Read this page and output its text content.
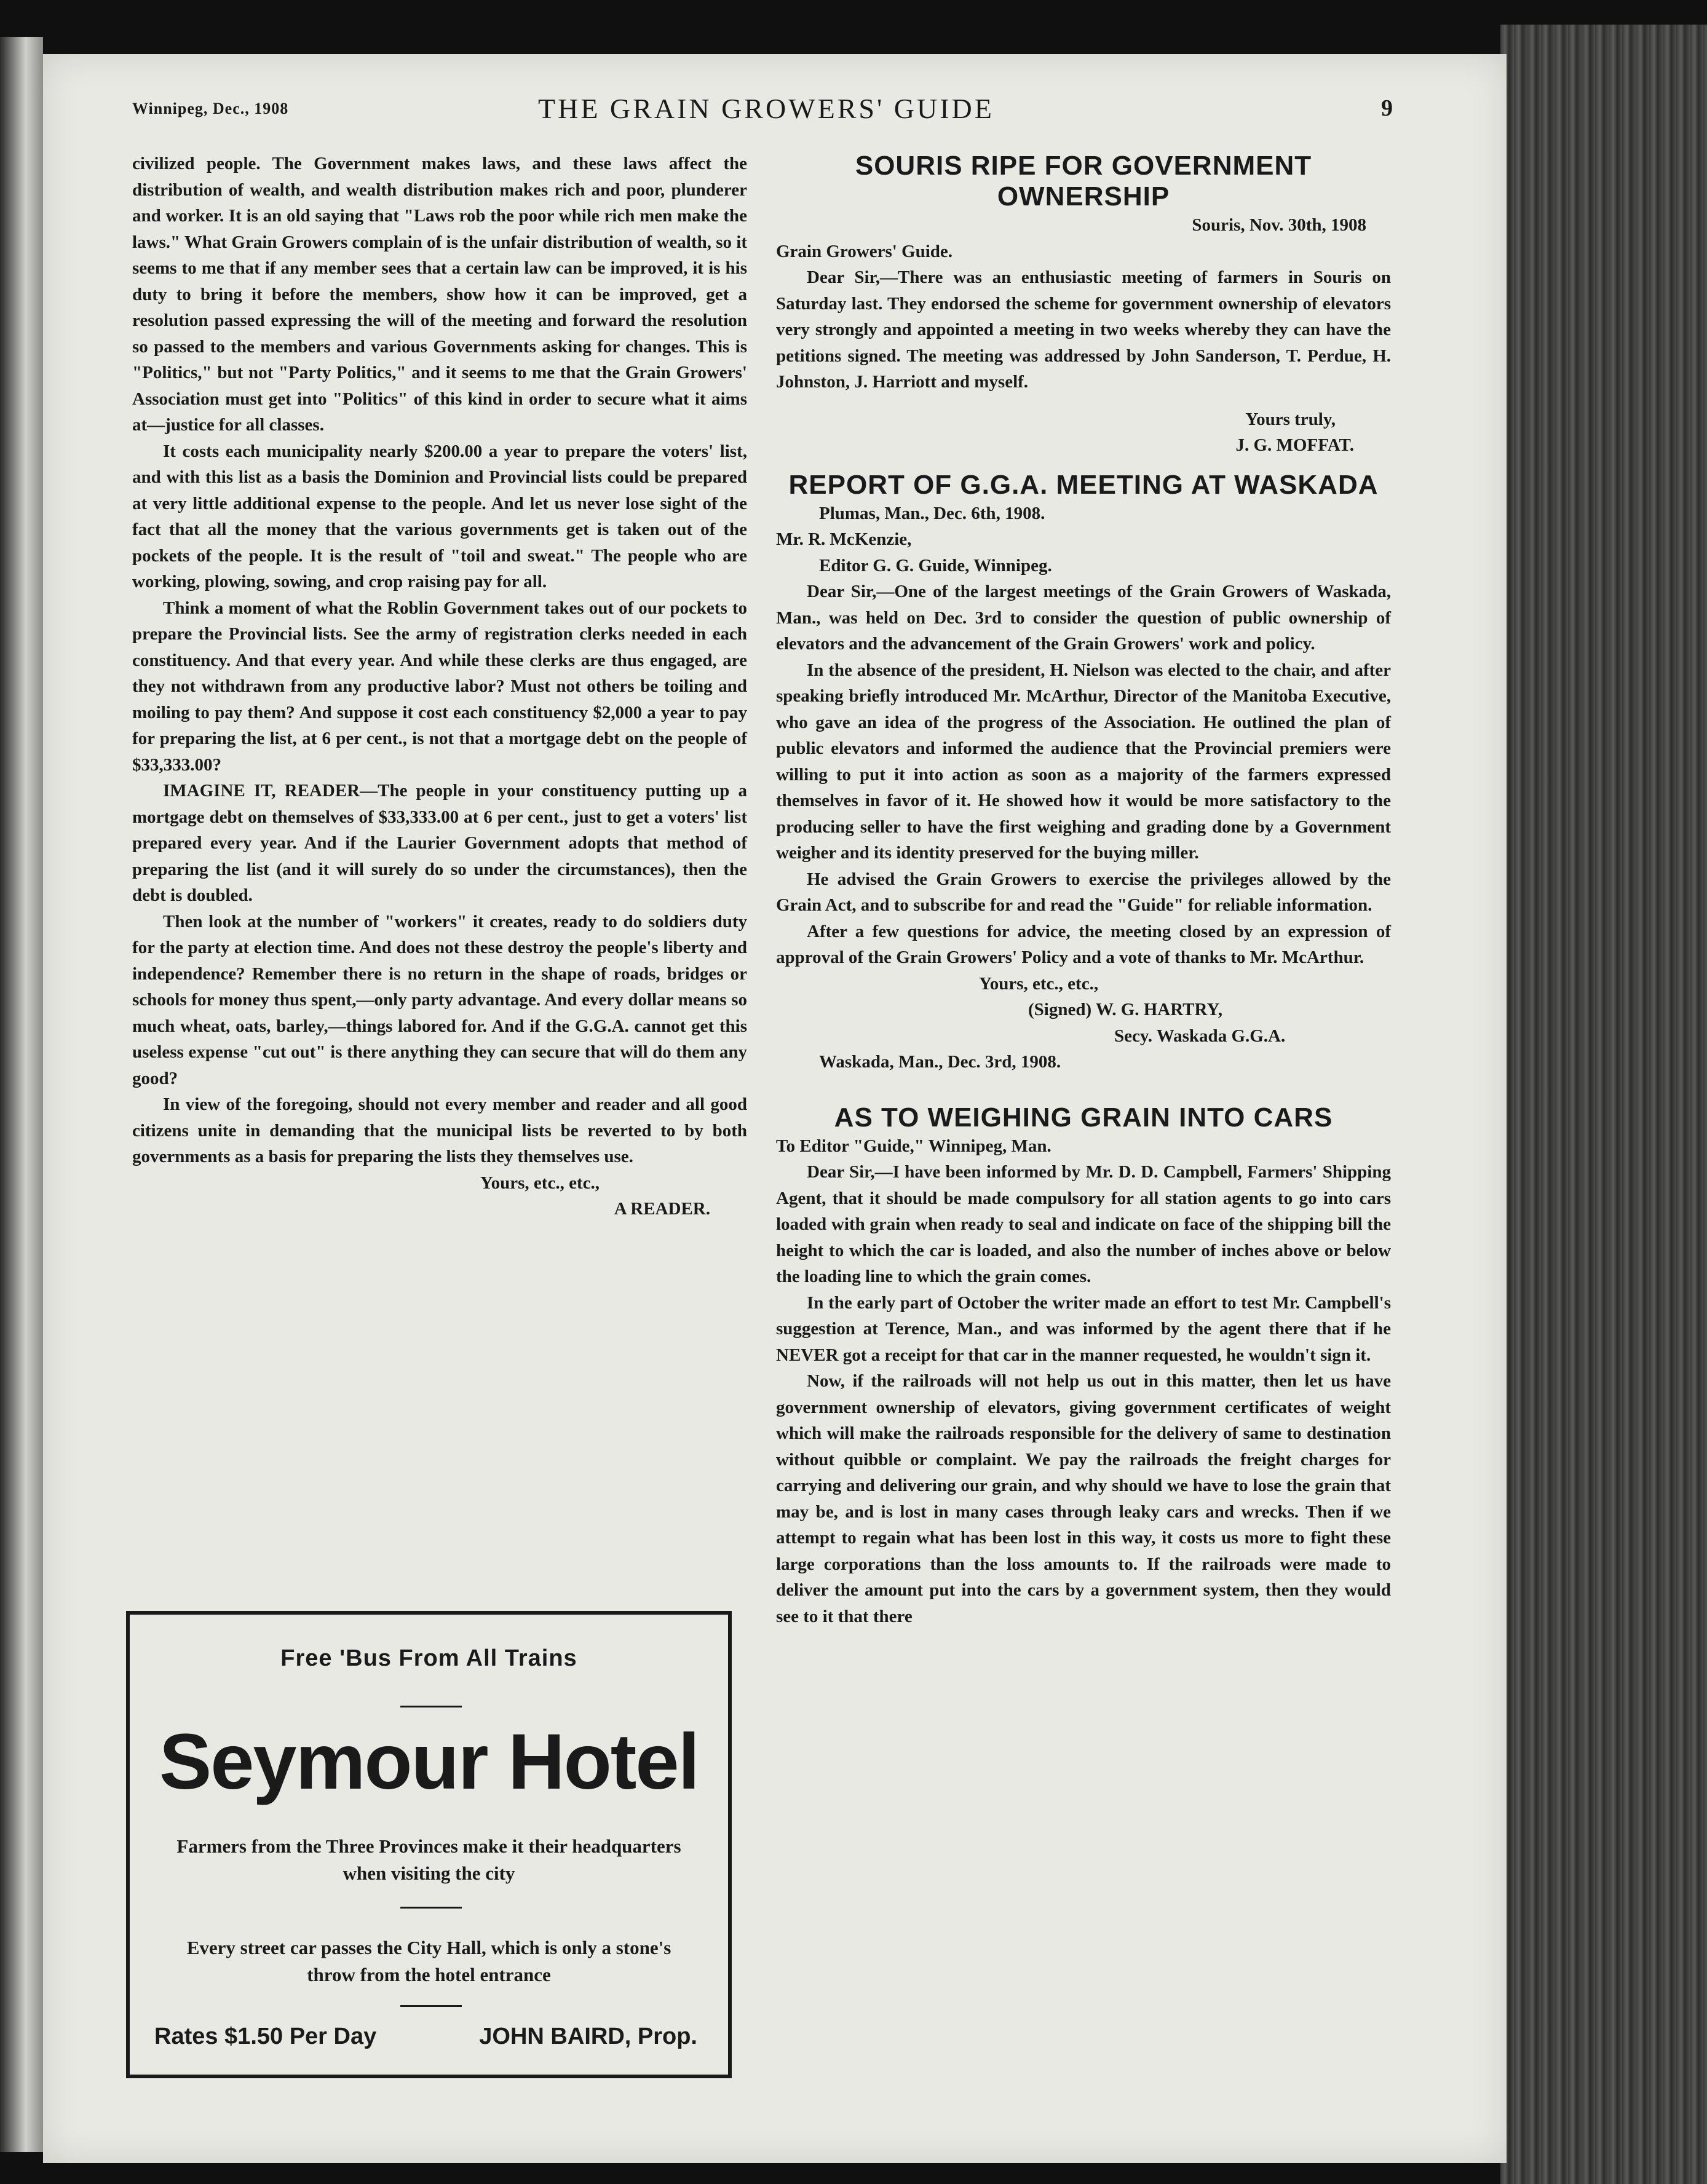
Winnipeg, Dec., 1908	THE GRAIN GROWERS' GUIDE	9

civilized people. The Government makes laws, and these laws affect the distribution of wealth, and wealth distribution makes rich and poor, plunderer and worker. It is an old saying that "Laws rob the poor while rich men make the laws." What Grain Growers complain of is the unfair distribution of wealth, so it seems to me that if any member sees that a certain law can be improved, it is his duty to bring it before the members, show how it can be improved, get a resolution passed expressing the will of the meeting and forward the resolution so passed to the members and various Governments asking for changes. This is "Politics," but not "Party Politics," and it seems to me that the Grain Growers' Association must get into "Politics" of this kind in order to secure what it aims at—justice for all classes.

It costs each municipality nearly $200.00 a year to prepare the voters' list, and with this list as a basis the Dominion and Provincial lists could be prepared at very little additional expense to the people. And let us never lose sight of the fact that all the money that the various governments get is taken out of the pockets of the people. It is the result of "toil and sweat." The people who are working, plowing, sowing, and crop raising pay for all.

Think a moment of what the Roblin Government takes out of our pockets to prepare the Provincial lists. See the army of registration clerks needed in each constituency. And that every year. And while these clerks are thus engaged, are they not withdrawn from any productive labor? Must not others be toiling and moiling to pay them? And suppose it cost each constituency $2,000 a year to pay for preparing the list, at 6 per cent., is not that a mortgage debt on the people of $33,333.00?

IMAGINE IT, READER—The people in your constituency putting up a mortgage debt on themselves of $33,333.00 at 6 per cent., just to get a voters' list prepared every year. And if the Laurier Government adopts that method of preparing the list (and it will surely do so under the circumstances), then the debt is doubled.

Then look at the number of "workers" it creates, ready to do soldiers duty for the party at election time. And does not these destroy the people's liberty and independence? Remember there is no return in the shape of roads, bridges or schools for money thus spent,—only party advantage. And every dollar means so much wheat, oats, barley,—things labored for. And if the G.G.A. cannot get this useless expense "cut out" is there anything they can secure that will do them any good?

In view of the foregoing, should not every member and reader and all good citizens unite in demanding that the municipal lists be reverted to by both governments as a basis for preparing the lists they themselves use.

Yours, etc., etc.,

A READER.

Free 'Bus From All Trains
Seymour Hotel
Farmers from the Three Provinces make it their headquarters when visiting the city
Every street car passes the City Hall, which is only a stone's throw from the hotel entrance
Rates $1.50 Per Day	JOHN BAIRD, Prop.
SOURIS RIPE FOR GOVERNMENT OWNERSHIP

Souris, Nov. 30th, 1908

Grain Growers' Guide.

Dear Sir,—There was an enthusiastic meeting of farmers in Souris on Saturday last. They endorsed the scheme for government ownership of elevators very strongly and appointed a meeting in two weeks whereby they can have the petitions signed. The meeting was addressed by John Sanderson, T. Perdue, H. Johnston, J. Harriott and myself.

Yours truly,

J. G. MOFFAT.

REPORT OF G.G.A. MEETING AT WASKADA

Plumas, Man., Dec. 6th, 1908.

Mr. R. McKenzie,

Editor G. G. Guide, Winnipeg.

Dear Sir,—One of the largest meetings of the Grain Growers of Waskada, Man., was held on Dec. 3rd to consider the question of public ownership of elevators and the advancement of the Grain Growers' work and policy.

In the absence of the president, H. Nielson was elected to the chair, and after speaking briefly introduced Mr. McArthur, Director of the Manitoba Executive, who gave an idea of the progress of the Association. He outlined the plan of public elevators and informed the audience that the Provincial premiers were willing to put it into action as soon as a majority of the farmers expressed themselves in favor of it. He showed how it would be more satisfactory to the producing seller to have the first weighing and grading done by a Government weigher and its identity preserved for the buying miller.

He advised the Grain Growers to exercise the privileges allowed by the Grain Act, and to subscribe for and read the "Guide" for reliable information.

After a few questions for advice, the meeting closed by an expression of approval of the Grain Growers' Policy and a vote of thanks to Mr. McArthur.

Yours, etc., etc.,

(Signed) W. G. HARTRY,

Secy. Waskada G.G.A.

Waskada, Man., Dec. 3rd, 1908.

AS TO WEIGHING GRAIN INTO CARS

To Editor "Guide," Winnipeg, Man.

Dear Sir,—I have been informed by Mr. D. D. Campbell, Farmers' Shipping Agent, that it should be made compulsory for all station agents to go into cars loaded with grain when ready to seal and indicate on face of the shipping bill the height to which the car is loaded, and also the number of inches above or below the loading line to which the grain comes.

In the early part of October the writer made an effort to test Mr. Campbell's suggestion at Terence, Man., and was informed by the agent there that if he NEVER got a receipt for that car in the manner requested, he wouldn't sign it.

Now, if the railroads will not help us out in this matter, then let us have government ownership of elevators, giving government certificates of weight which will make the railroads responsible for the delivery of same to destination without quibble or complaint. We pay the railroads the freight charges for carrying and delivering our grain, and why should we have to lose the grain that may be, and is lost in many cases through leaky cars and wrecks. Then if we attempt to regain what has been lost in this way, it costs us more to fight these large corporations than the loss amounts to. If the railroads were made to deliver the amount put into the cars by a government system, then they would see to it that there
